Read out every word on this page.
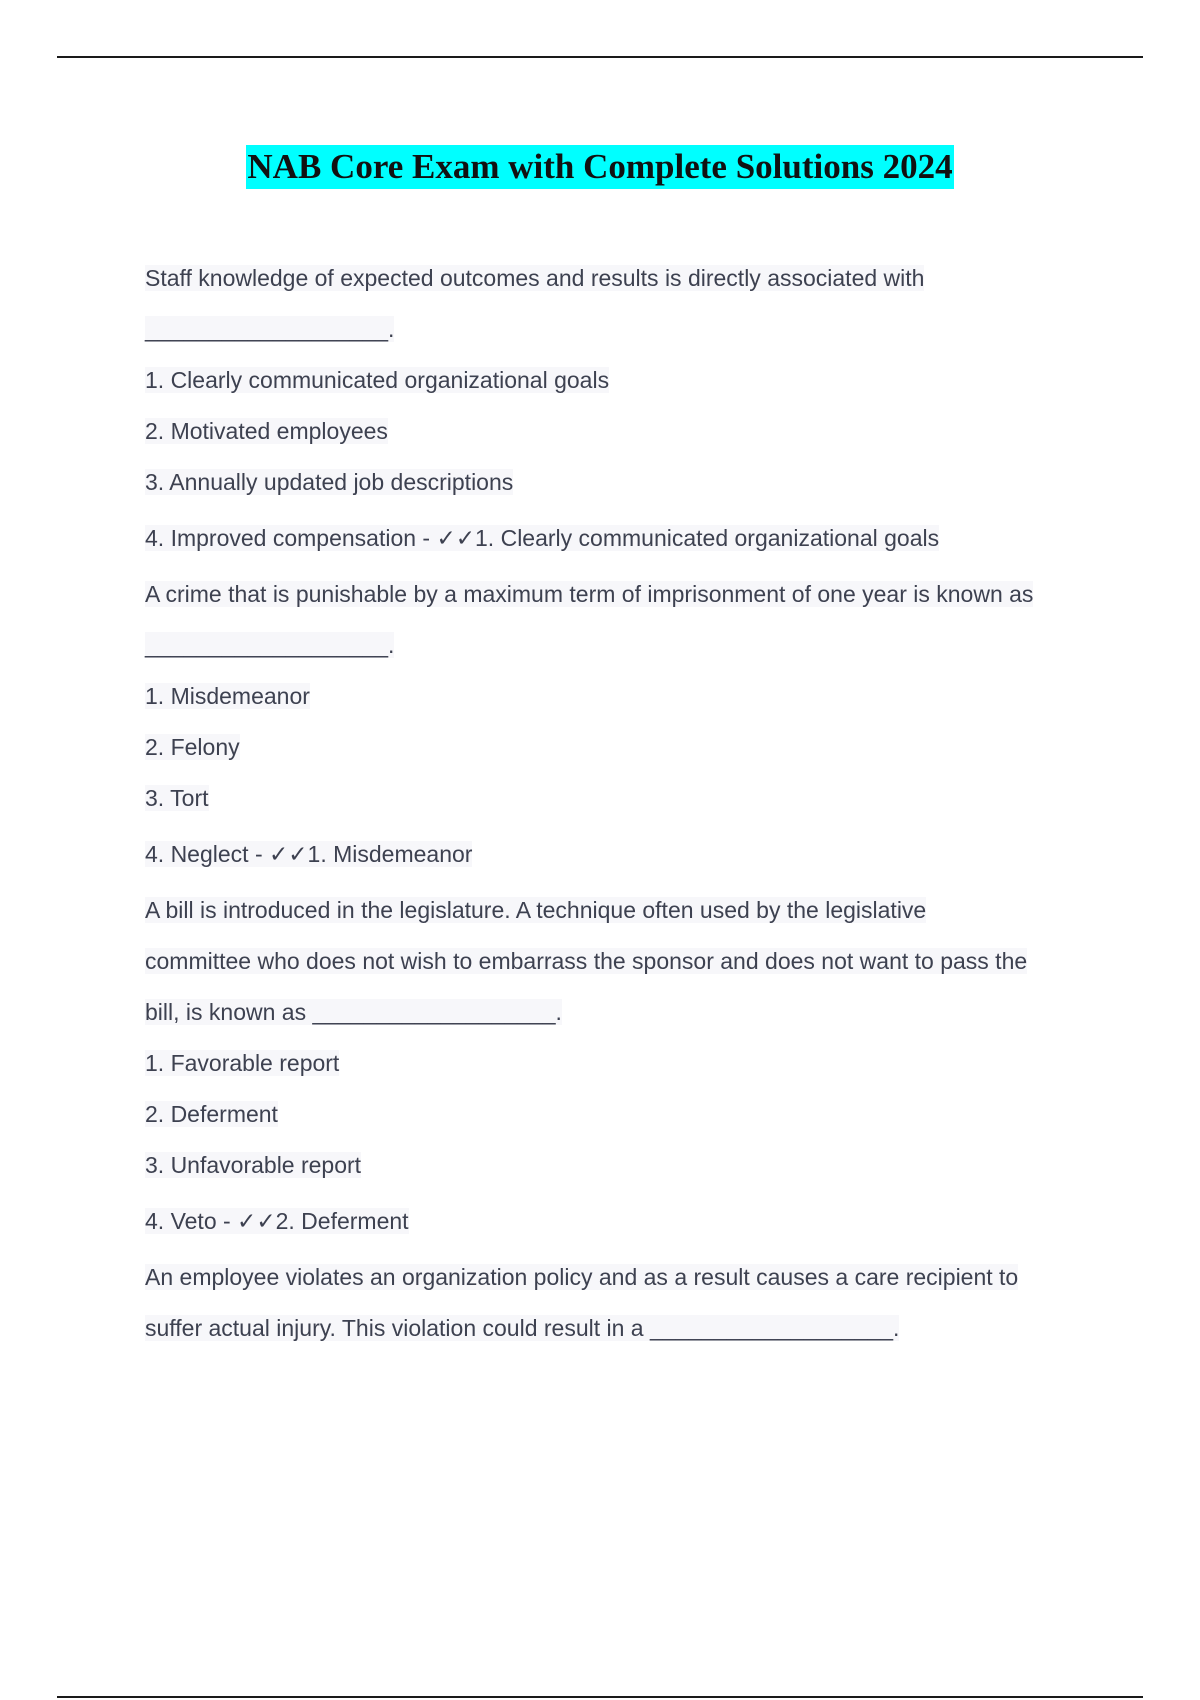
NAB Core Exam with Complete Solutions 2024
Staff knowledge of expected outcomes and results is directly associated with
___________________.
1. Clearly communicated organizational goals
2. Motivated employees
3. Annually updated job descriptions
4. Improved compensation - ✓✓1. Clearly communicated organizational goals
A crime that is punishable by a maximum term of imprisonment of one year is known as
___________________.
1. Misdemeanor
2. Felony
3. Tort
4. Neglect - ✓✓1. Misdemeanor
A bill is introduced in the legislature. A technique often used by the legislative
committee who does not wish to embarrass the sponsor and does not want to pass the
bill, is known as ___________________.
1. Favorable report
2. Deferment
3. Unfavorable report
4. Veto - ✓✓2. Deferment
An employee violates an organization policy and as a result causes a care recipient to
suffer actual injury. This violation could result in a ___________________.
